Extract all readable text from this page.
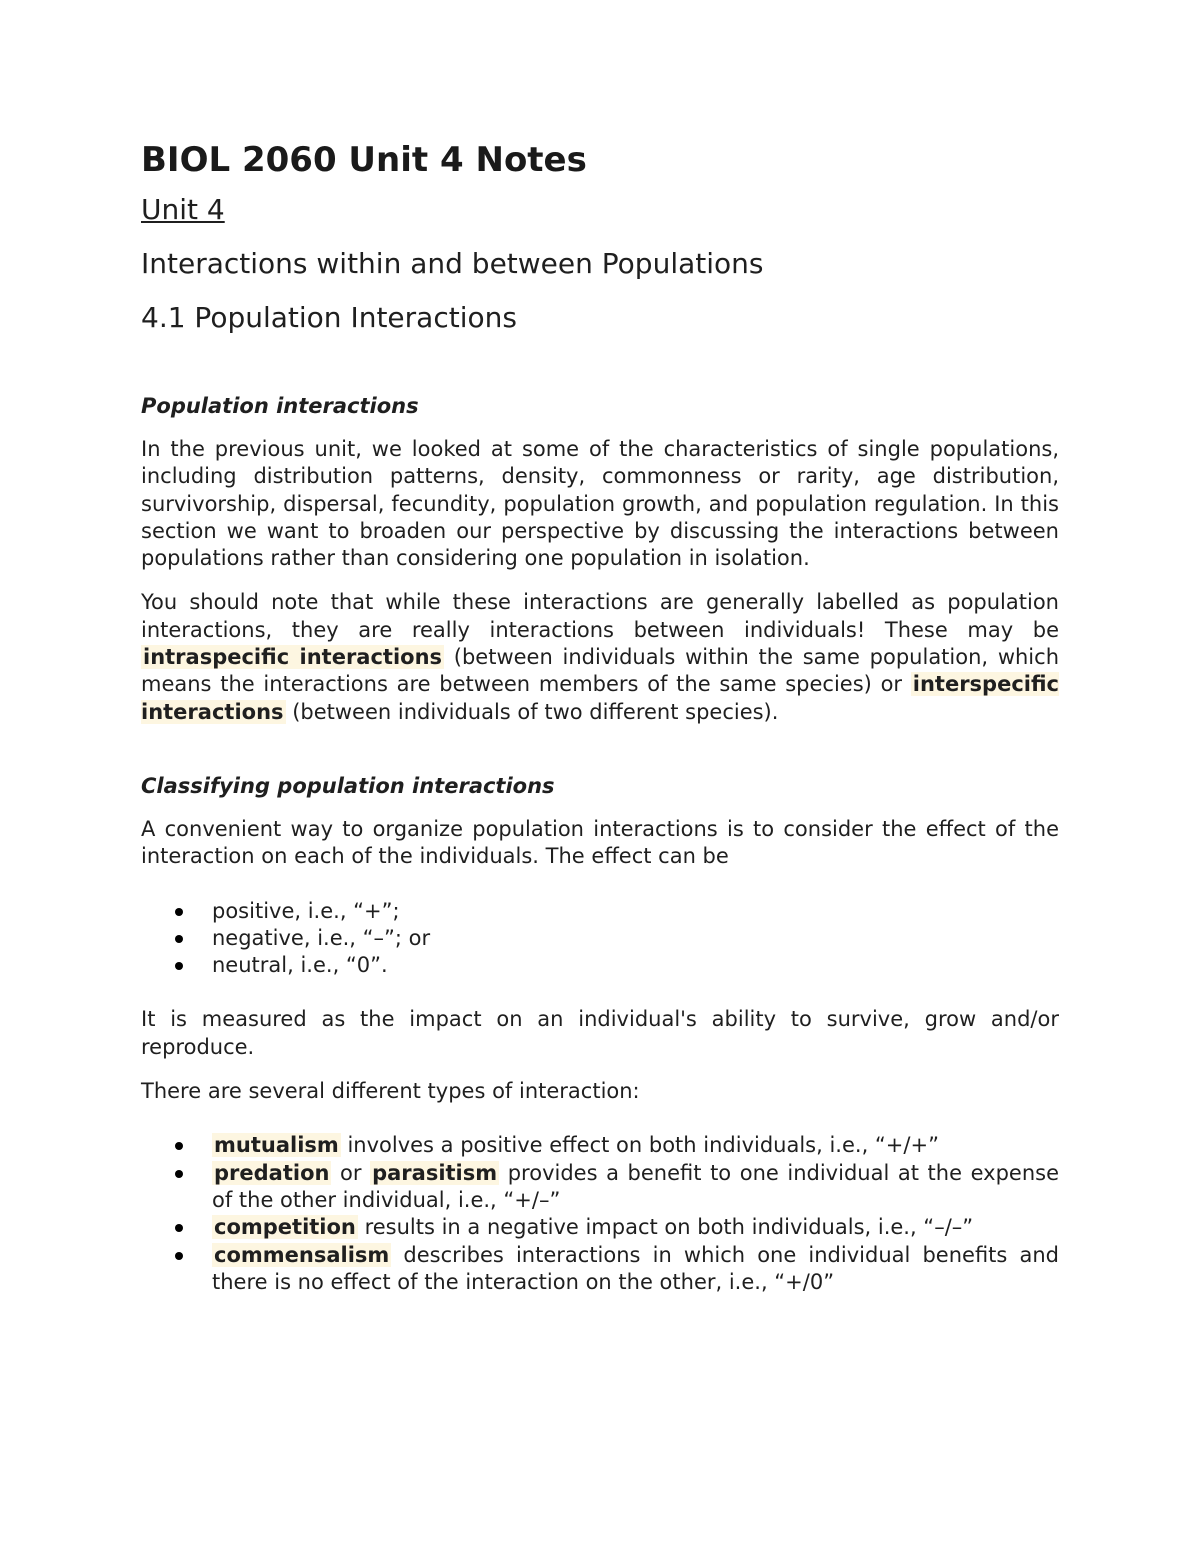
BIOL 2060 Unit 4 Notes
Unit 4
Interactions within and between Populations
4.1 Population Interactions
Population interactions

In the previous unit, we looked at some of the characteristics of single populations, including distribution patterns, density, commonness or rarity, age distribution, survivorship, dispersal, fecundity, population growth, and population regulation. In this section we want to broaden our perspective by discussing the interactions between populations rather than considering one population in isolation.

You should note that while these interactions are generally labelled as population interactions, they are really interactions between individuals! These may be intraspecific interactions (between individuals within the same population, which means the interactions are between members of the same species) or interspecific interactions (between individuals of two different species).

Classifying population interactions

A convenient way to organize population interactions is to consider the effect of the interaction on each of the individuals. The effect can be

positive, i.e., “+”;
negative, i.e., “–”; or
neutral, i.e., “0”.

It is measured as the impact on an individual's ability to survive, grow and/or reproduce.

There are several different types of interaction:

mutualism involves a positive effect on both individuals, i.e., “+/+”
predation or parasitism provides a benefit to one individual at the expense of the other individual, i.e., “+/–”
competition results in a negative impact on both individuals, i.e., “–/–”
commensalism describes interactions in which one individual benefits and there is no effect of the interaction on the other, i.e., “+/0”
